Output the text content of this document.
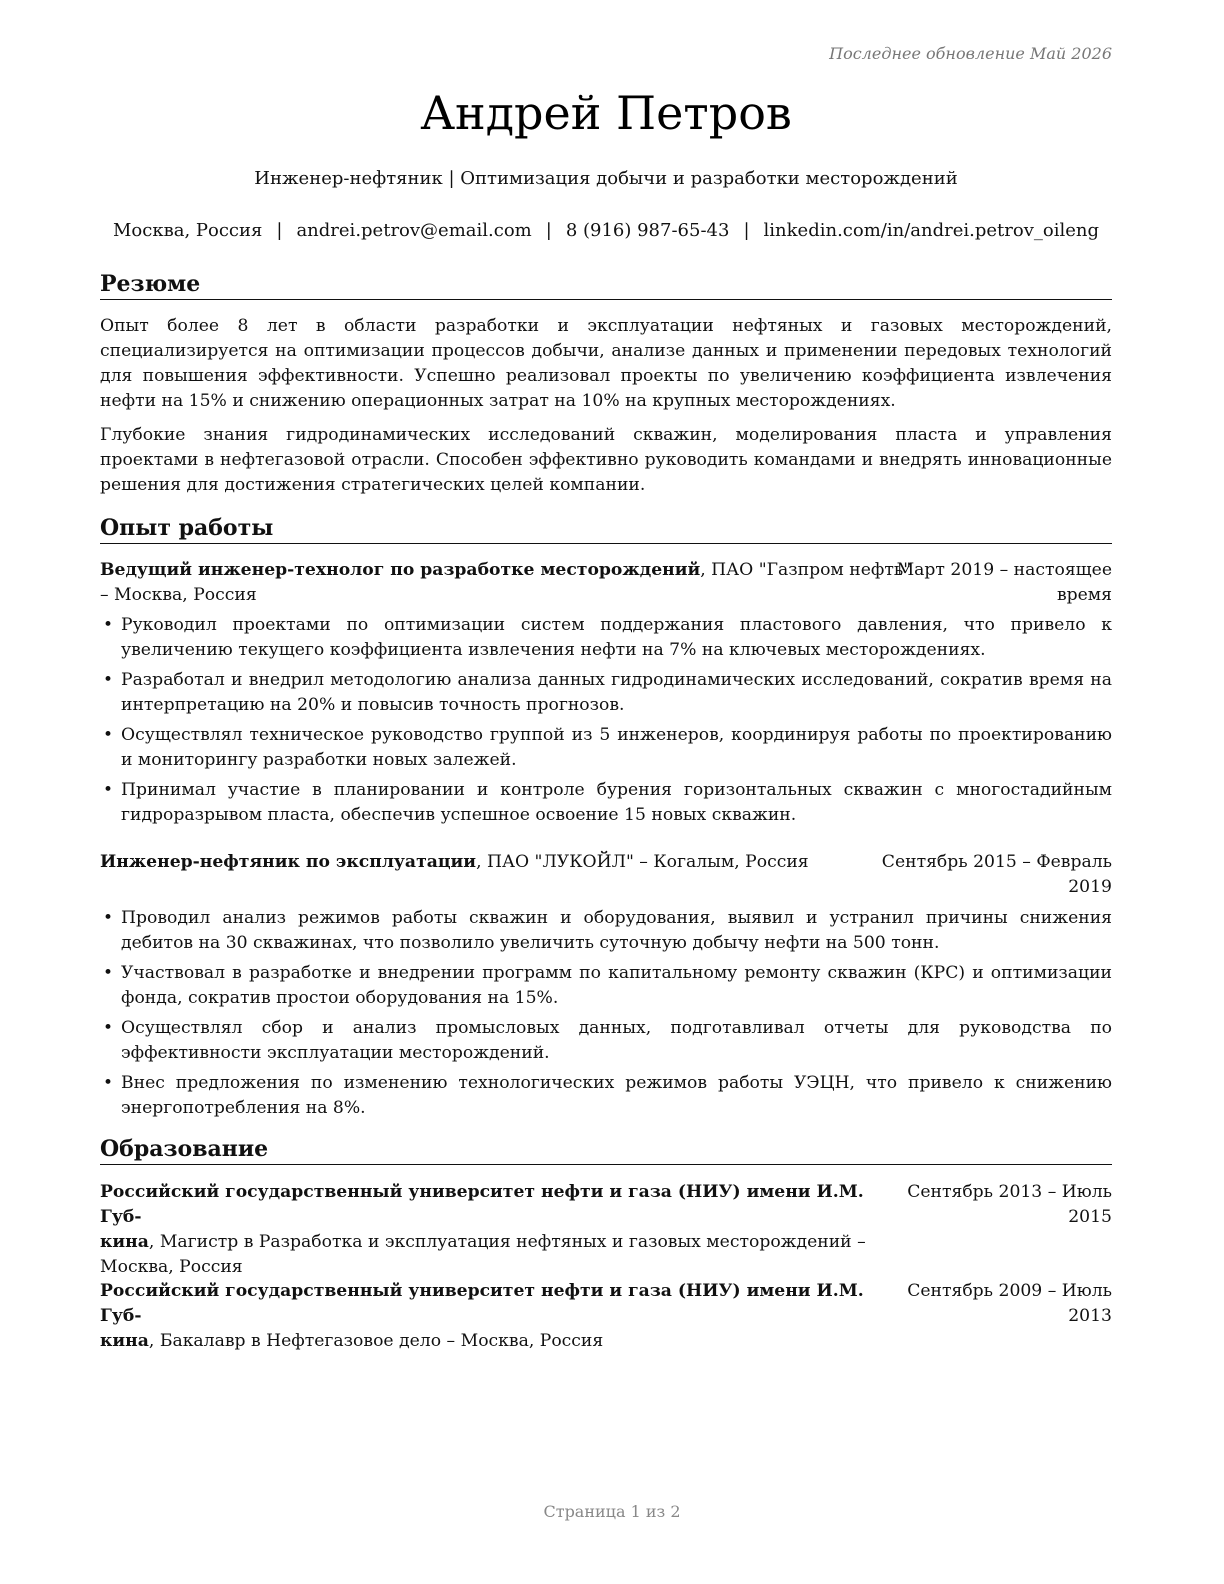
Последнее обновление Май 2026
Андрей Петров
Инженер-нефтяник | Оптимизация добычи и разработки месторождений
Москва, Россия | andrei.petrov@email.com | 8 (916) 987-65-43 | linkedin.com/in/andrei.petrov_oileng
Резюме

Опыт более 8 лет в области разработки и эксплуатации нефтяных и газовых месторождений, специализируется на оптимизации процессов добычи, анализе данных и применении передовых технологий для повышения эффективности. Успешно реализовал проекты по увеличению коэффициента извлечения нефти на 15% и снижению операционных затрат на 10% на крупных месторождениях.

Глубокие знания гидродинамических исследований скважин, моделирования пласта и управления проектами в нефтегазовой отрасли. Способен эффективно руководить командами и внедрять инновационные решения для достижения стратегических целей компании.

Опыт работы
Ведущий инженер-технолог по разработке месторождений, ПАО "Газпром нефть"
– Москва, Россия
Март 2019 – настоящее
время
• Руководил проектами по оптимизации систем поддержания пластового давления, что привело к увеличению текущего коэффициента извлечения нефти на 7% на ключевых месторождениях.
• Разработал и внедрил методологию анализа данных гидродинамических исследований, сократив время на интерпретацию на 20% и повысив точность прогнозов.
• Осуществлял техническое руководство группой из 5 инженеров, координируя работы по проектированию и мониторингу разработки новых залежей.
• Принимал участие в планировании и контроле бурения горизонтальных скважин с многостадийным гидроразрывом пласта, обеспечив успешное освоение 15 новых скважин.
Инженер-нефтяник по эксплуатации, ПАО "ЛУКОЙЛ" – Когалым, Россия	Сентябрь 2015 – Февраль
2019
• Проводил анализ режимов работы скважин и оборудования, выявил и устранил причины снижения дебитов на 30 скважинах, что позволило увеличить суточную добычу нефти на 500 тонн.
• Участвовал в разработке и внедрении программ по капитальному ремонту скважин (КРС) и оптимизации фонда, сократив простои оборудования на 15%.
• Осуществлял сбор и анализ промысловых данных, подготавливал отчеты для руководства по эффективности эксплуатации месторождений.
• Внес предложения по изменению технологических режимов работы УЭЦН, что привело к снижению энергопотребления на 8%.
Образование
Российский государственный университет нефти и газа (НИУ) имени И.М. Губ-
кина, Магистр в Разработка и эксплуатация нефтяных и газовых месторождений –
Москва, Россия
Сентябрь 2013 – Июль
2015
Российский государственный университет нефти и газа (НИУ) имени И.М. Губ-
кина, Бакалавр в Нефтегазовое дело – Москва, Россия
Сентябрь 2009 – Июль
2013
Страница 1 из 2
